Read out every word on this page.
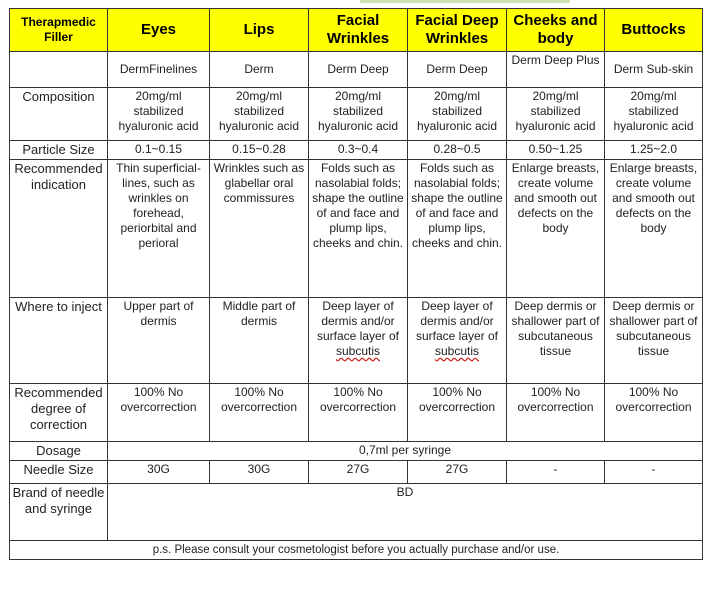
Therapmedic Filler	Eyes	Lips	Facial Wrinkles	Facial Deep Wrinkles	Cheeks and body	Buttocks
	DermFinelines	Derm	Derm Deep	Derm Deep	Derm Deep Plus	Derm Sub-skin
Composition	20mg/ml stabilized hyaluronic acid	20mg/ml stabilized hyaluronic acid	20mg/ml stabilized hyaluronic acid	20mg/ml stabilized hyaluronic acid	20mg/ml stabilized hyaluronic acid	20mg/ml stabilized hyaluronic acid
Particle Size	0.1~0.15	0.15~0.28	0.3~0.4	0.28~0.5	0.50~1.25	1.25~2.0
Recommended indication	Thin superficial-lines, such as wrinkles on forehead, periorbital and perioral	Wrinkles such as glabellar oral commissures	Folds such as nasolabial folds; shape the outline of and face and plump lips, cheeks and chin.	Folds such as nasolabial folds; shape the outline of and face and plump lips, cheeks and chin.	Enlarge breasts, create volume and smooth out defects on the body	Enlarge breasts, create volume and smooth out defects on the body
Where to inject	Upper part of dermis	Middle part of dermis	Deep layer of dermis and/or surface layer of subcutis	Deep layer of dermis and/or surface layer of subcutis	Deep dermis or shallower part of subcutaneous tissue	Deep dermis or shallower part of subcutaneous tissue
Recommended degree of correction	100% No overcorrection	100% No overcorrection	100% No overcorrection	100% No overcorrection	100% No overcorrection	100% No overcorrection
Dosage	0,7ml per syringe					
Needle Size	30G	30G	27G	27G	-	-
Brand of needle and syringe	BD					
p.s. Please consult your cosmetologist before you actually purchase and/or use.						
